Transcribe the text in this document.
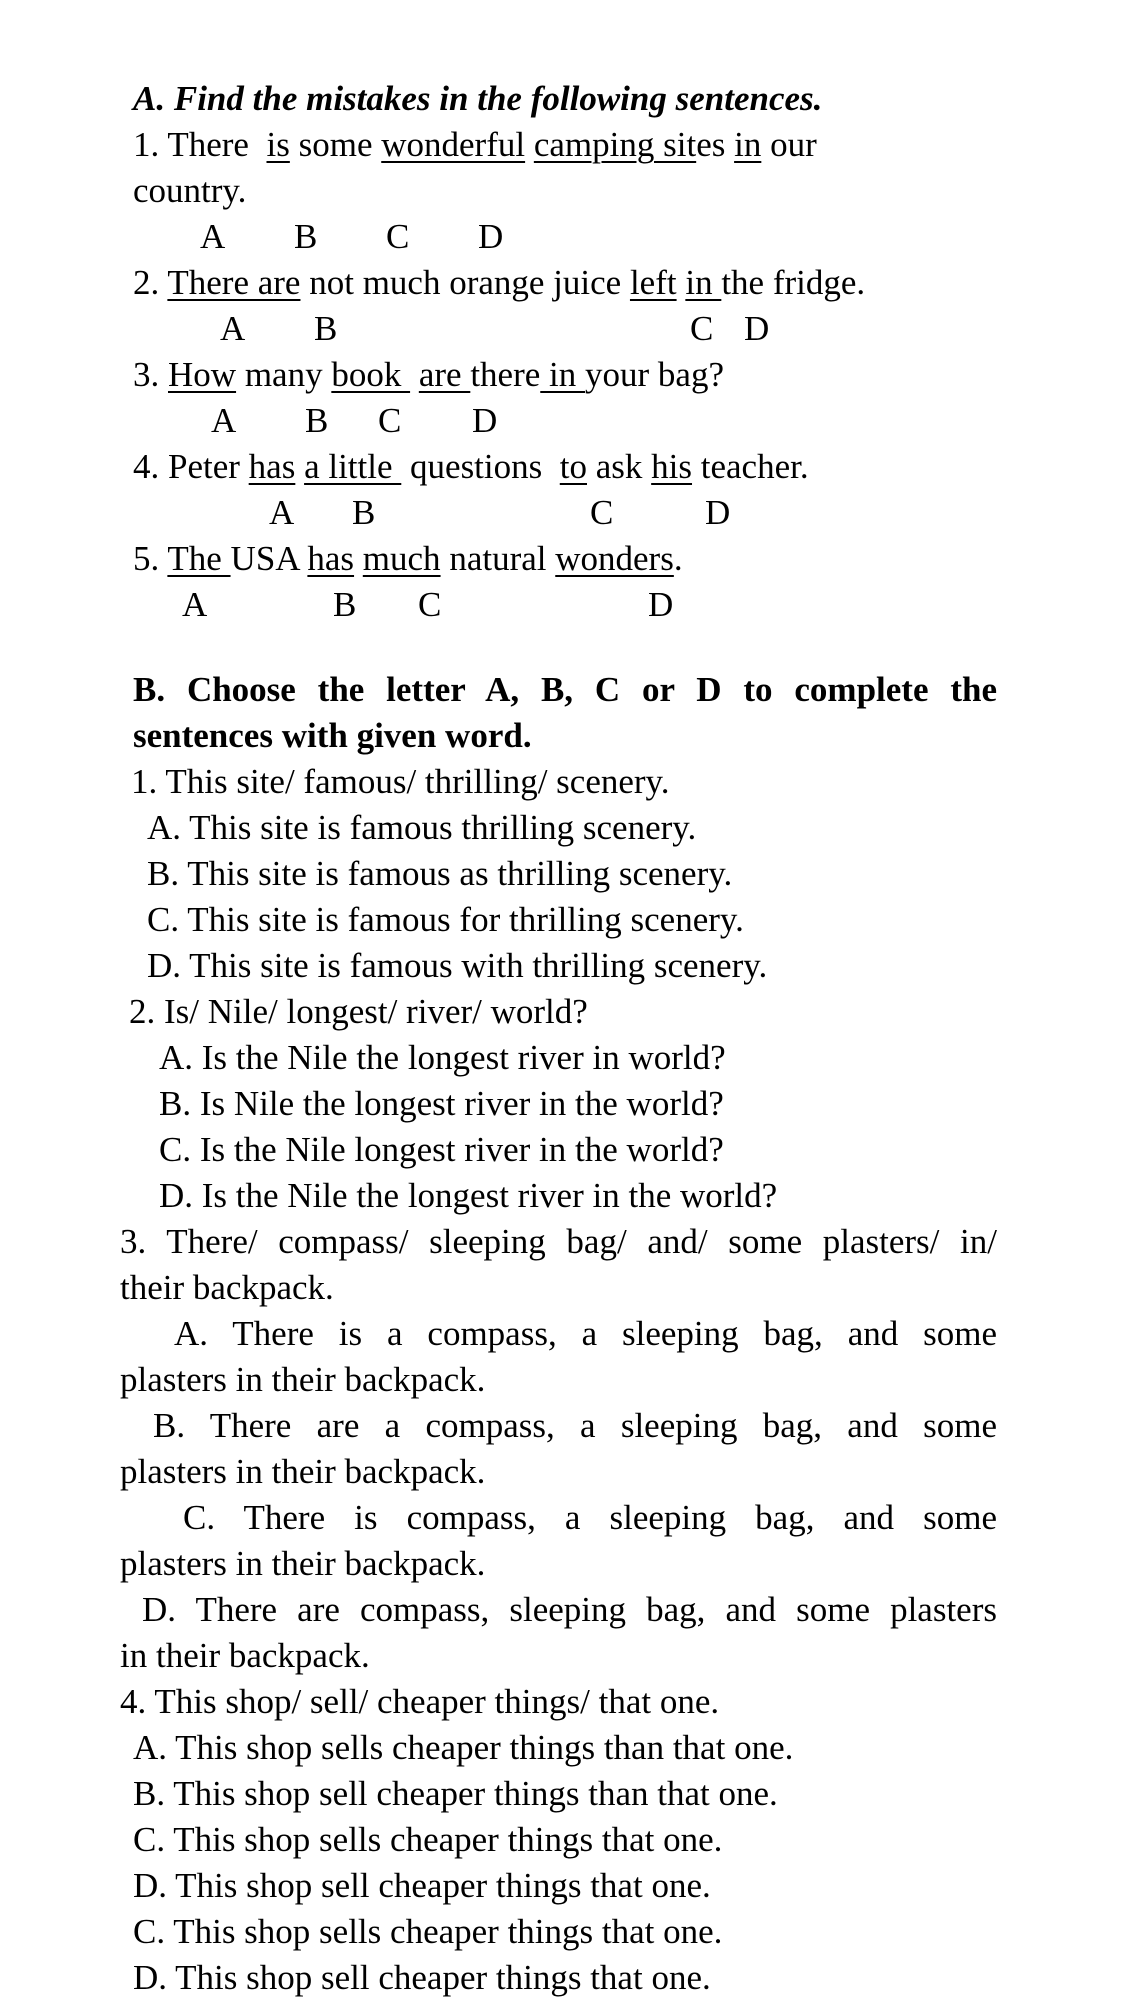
A. Find the mistakes in the following sentences.
1. There  is some wonderful camping sites in our
country.
A B C D
2. There are not much orange juice left in the fridge.
A B	C D
3. How many book  are there in your bag?
A B C D
4. Peter has a little  questions  to ask his teacher.
A B	C	D
5. The USA has much natural wonders.
A	B C	D
B. Choose the letter A, B, C or D to complete the
sentences with given word.
1. This site/ famous/ thrilling/ scenery.
A. This site is famous thrilling scenery.
B. This site is famous as thrilling scenery.
C. This site is famous for thrilling scenery.
D. This site is famous with thrilling scenery.
2. Is/ Nile/ longest/ river/ world?
A. Is the Nile the longest river in world?
B. Is Nile the longest river in the world?
C. Is the Nile longest river in the world?
D. Is the Nile the longest river in the world?
3. There/ compass/ sleeping bag/ and/ some plasters/ in/
their backpack.
A. There is a compass, a sleeping bag, and some
plasters in their backpack.
B. There are a compass, a sleeping bag, and some
plasters in their backpack.
C. There is compass, a sleeping bag, and some
plasters in their backpack.
D. There are compass, sleeping bag, and some plasters
in their backpack.
4. This shop/ sell/ cheaper things/ that one.
A. This shop sells cheaper things than that one.
B. This shop sell cheaper things than that one.
C. This shop sells cheaper things that one.
D. This shop sell cheaper things that one.
C. This shop sells cheaper things that one.
D. This shop sell cheaper things that one.
